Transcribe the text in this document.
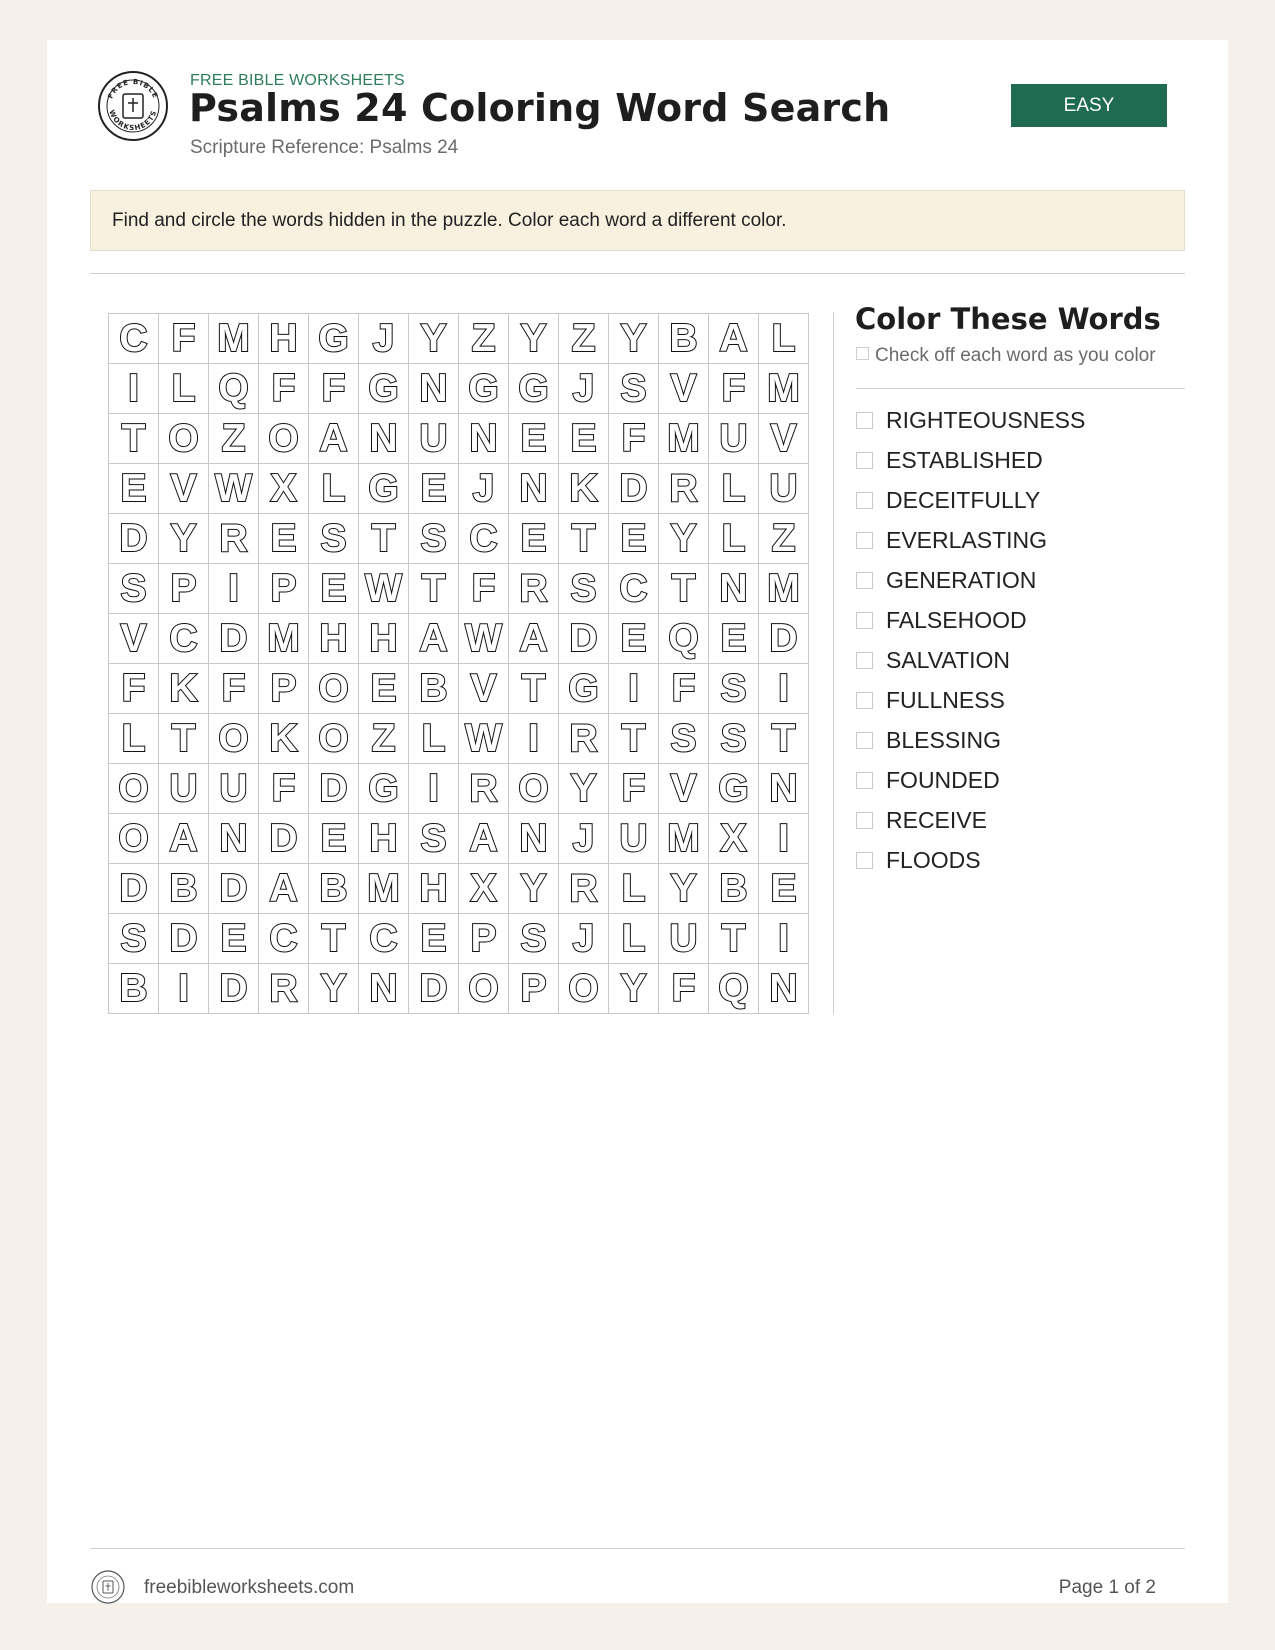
FREE BIBLE
WORKSHEETS
FREE BIBLE WORKSHEETS
Psalms 24 Coloring Word Search
Scripture Reference: Psalms 24
EASY
Find and circle the words hidden in the puzzle. Color each word a different color.
C F M H G J Y Z Y Z Y B A L
I L Q F F G N G G J S V F M
T O Z O A N U N E E F M U V
E V W X L G E J N K D R L U
D Y R E S T S C E T E Y L Z
S P I P E W T F R S C T N M
V C D M H H A W A D E Q E D
F K F P O E B V T G I F S I
L T O K O Z L W I R T S S T
O U U F D G I R O Y F V G N
O A N D E H S A N J U M X I
D B D A B M H X Y R L Y B E
S D E C T C E P S J L U T I
B I D R Y N D O P O Y F Q N
Color These Words
Check off each word as you color
RIGHTEOUSNESS
ESTABLISHED
DECEITFULLY
EVERLASTING
GENERATION
FALSEHOOD
SALVATION
FULLNESS
BLESSING
FOUNDED
RECEIVE
FLOODS
freebibleworksheets.com	Page 1 of 2
